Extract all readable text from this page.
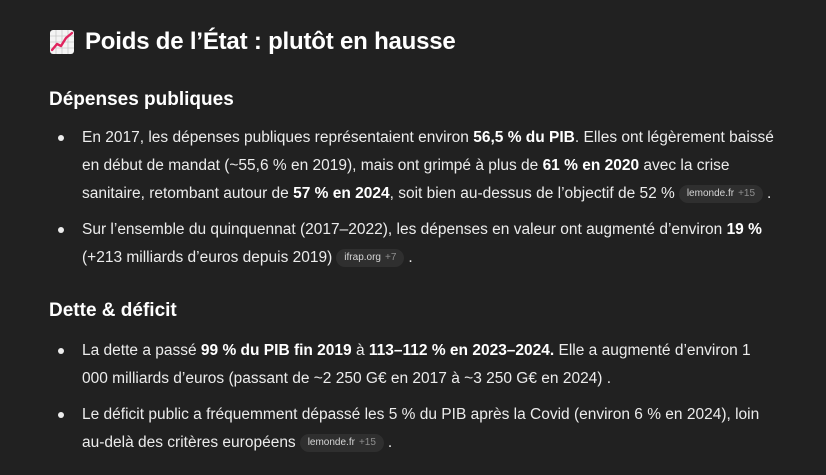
Poids de l’État : plutôt en hausse
Dépenses publiques
En 2017, les dépenses publiques représentaient environ 56,5 % du PIB. Elles ont légèrement baissé en début de mandat (~55,6 % en 2019), mais ont grimpé à plus de 61 % en 2020 avec la crise sanitaire, retombant autour de 57 % en 2024, soit bien au-dessus de l’objectif de 52 % lemonde.fr +15 .
Sur l’ensemble du quinquennat (2017–2022), les dépenses en valeur ont augmenté d’environ 19 % (+213 milliards d’euros depuis 2019) ifrap.org +7 .
Dette & déficit
La dette a passé 99 % du PIB fin 2019 à 113–112 % en 2023–2024. Elle a augmenté d’environ 1 000 milliards d’euros (passant de ~2 250 G€ en 2017 à ~3 250 G€ en 2024) .
Le déficit public a fréquemment dépassé les 5 % du PIB après la Covid (environ 6 % en 2024), loin au-delà des critères européens lemonde.fr +15 .
